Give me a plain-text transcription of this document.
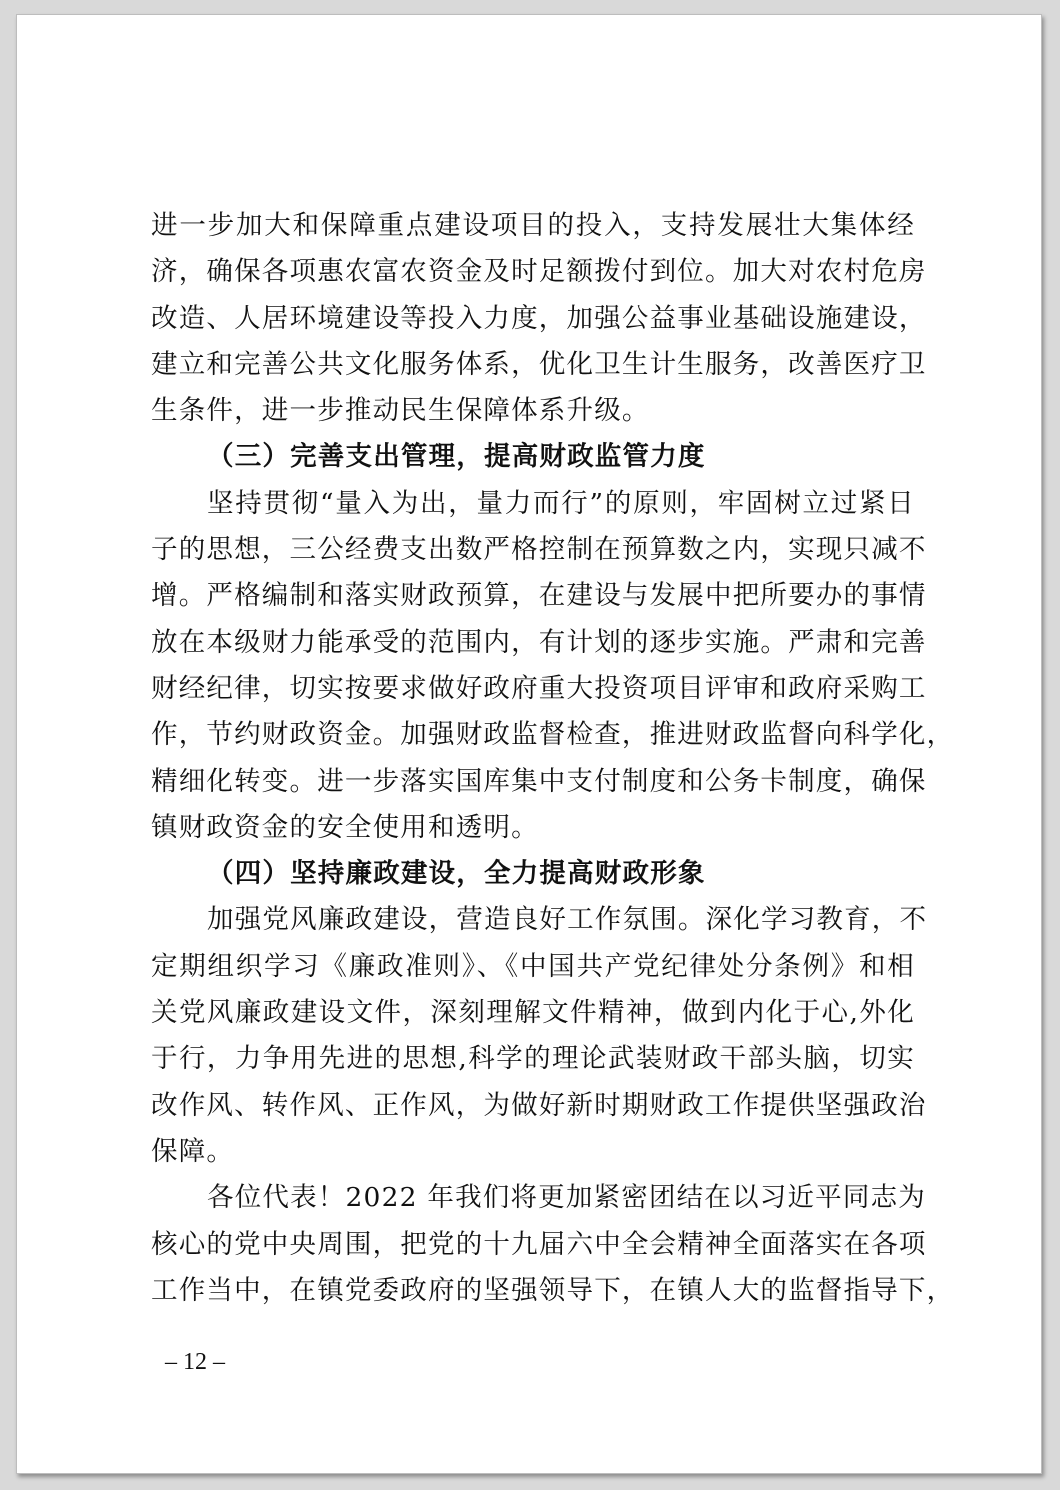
进一步加大和保障重点建设项目的投入，支持发展壮大集体经
济，确保各项惠农富农资金及时足额拨付到位。加大对农村危房
改造、人居环境建设等投入力度，加强公益事业基础设施建设，
建立和完善公共文化服务体系，优化卫生计生服务，改善医疗卫
生条件，进一步推动民生保障体系升级。
（三）完善支出管理，提高财政监管力度
坚持贯彻“量入为出，量力而行”的原则，牢固树立过紧日
子的思想，三公经费支出数严格控制在预算数之内，实现只减不
增。严格编制和落实财政预算，在建设与发展中把所要办的事情
放在本级财力能承受的范围内，有计划的逐步实施。严肃和完善
财经纪律，切实按要求做好政府重大投资项目评审和政府采购工
作，节约财政资金。加强财政监督检查，推进财政监督向科学化，
精细化转变。进一步落实国库集中支付制度和公务卡制度，确保
镇财政资金的安全使用和透明。
（四）坚持廉政建设，全力提高财政形象
加强党风廉政建设，营造良好工作氛围。深化学习教育，不
定期组织学习《廉政准则》、《中国共产党纪律处分条例》和相
关党风廉政建设文件，深刻理解文件精神，做到内化于心,外化
于行，力争用先进的思想,科学的理论武装财政干部头脑，切实
改作风、转作风、正作风，为做好新时期财政工作提供坚强政治
保障。
各位代表！2022 年我们将更加紧密团结在以习近平同志为
核心的党中央周围，把党的十九届六中全会精神全面落实在各项
工作当中，在镇党委政府的坚强领导下，在镇人大的监督指导下，
– 12 –
